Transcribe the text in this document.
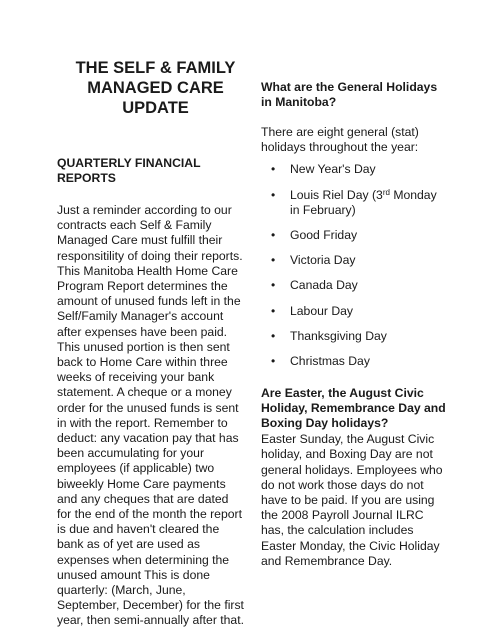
THE SELF & FAMILY
MANAGED CARE
UPDATE
QUARTERLY FINANCIAL
REPORTS

Just a reminder according to our
contracts each Self & Family
Managed Care must fulfill their
responsitility of doing their reports.
This Manitoba Health Home Care
Program Report determines the
amount of unused funds left in the
Self/Family Manager's account
after expenses have been paid.
This unused portion is then sent
back to Home Care within three
weeks of receiving your bank
statement. A cheque or a money
order for the unused funds is sent
in with the report. Remember to
deduct: any vacation pay that has
been accumulating for your
employees (if applicable) two
biweekly Home Care payments
and any cheques that are dated
for the end of the month the report
is due and haven't cleared the
bank as of yet are used as
expenses when determining the
unused amount This is done
quarterly: (March, June,
September, December) for the first
year, then semi-annually after that.

What are the General Holidays
in Manitoba?

There are eight general (stat)
holidays throughout the year:

• New Year's Day
• Louis Riel Day (3rd Monday
in February)
• Good Friday
• Victoria Day
• Canada Day
• Labour Day
• Thanksgiving Day
• Christmas Day
Are Easter, the August Civic
Holiday, Remembrance Day and
Boxing Day holidays?

Easter Sunday, the August Civic
holiday, and Boxing Day are not
general holidays. Employees who
do not work those days do not
have to be paid. If you are using
the 2008 Payroll Journal ILRC
has, the calculation includes
Easter Monday, the Civic Holiday
and Remembrance Day.
